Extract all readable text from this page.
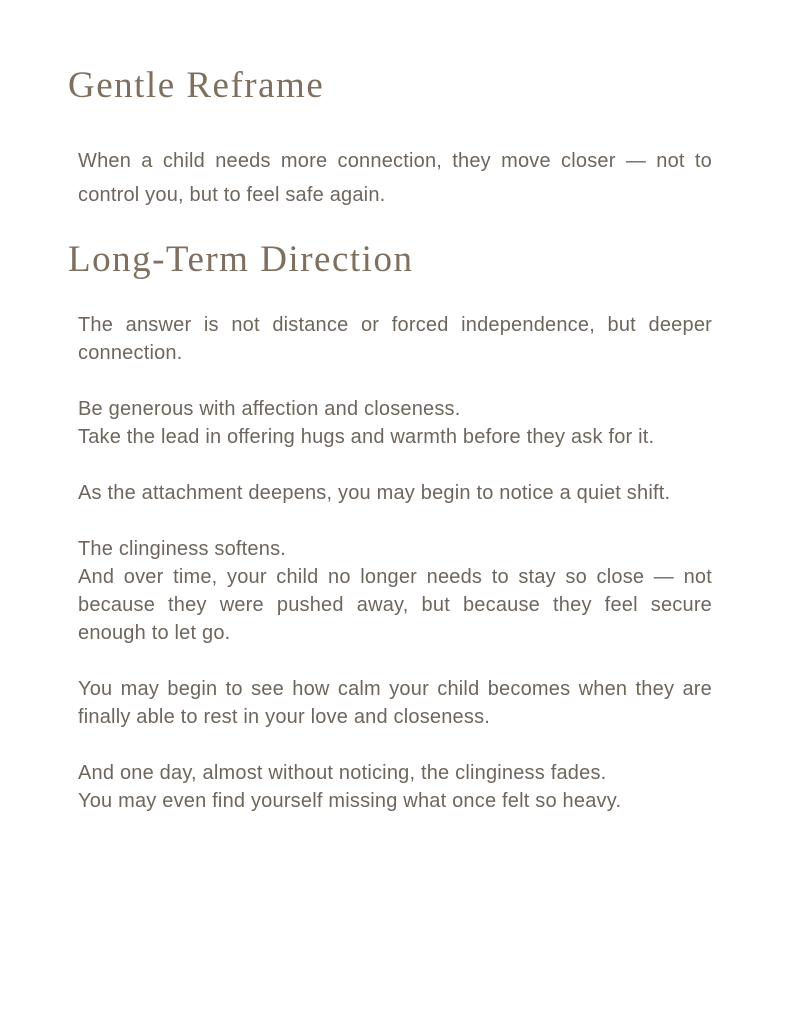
Gentle Reframe
When a child needs more connection, they move closer — not to control you, but to feel safe again.
Long-Term Direction
The answer is not distance or forced independence, but deeper connection.
Be generous with affection and closeness.
Take the lead in offering hugs and warmth before they ask for it.
As the attachment deepens, you may begin to notice a quiet shift.
The clinginess softens.
And over time, your child no longer needs to stay so close — not because they were pushed away, but because they feel secure enough to let go.
You may begin to see how calm your child becomes when they are finally able to rest in your love and closeness.
And one day, almost without noticing, the clinginess fades.
You may even find yourself missing what once felt so heavy.
